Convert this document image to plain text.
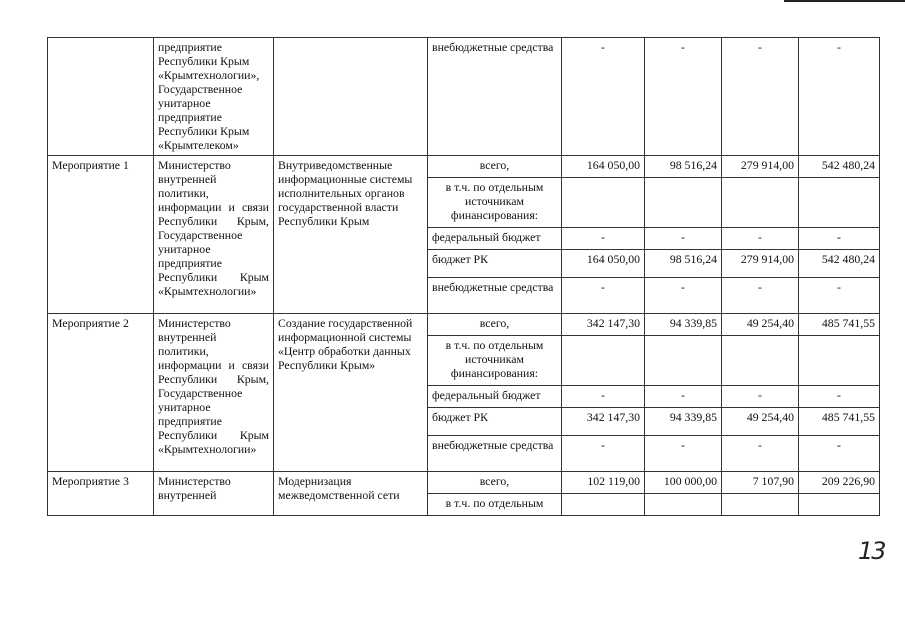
	предприятие Республики Крым «Крымтехнологии», Государственное унитарное предприятие Республики Крым «Крымтелеком»		внебюджетные средства	-	-	-	-
Мероприятие 1	Министерство внутренней политики, информации и связи Республики Крым, Государственное унитарное предприятие Республики Крым «Крымтехнологии»	Внутриведомственные информационные системы исполнительных органов государственной власти Республики Крым	всего,	164 050,00	98 516,24	279 914,00	542 480,24
			в т.ч. по отдельным источникам финансирования:				
			федеральный бюджет	-	-	-	-
			бюджет РК	164 050,00	98 516,24	279 914,00	542 480,24
			внебюджетные средства	-	-	-	-
Мероприятие 2	Министерство внутренней политики, информации и связи Республики Крым, Государственное унитарное предприятие Республики Крым «Крымтехнологии»	Создание государственной информационной системы «Центр обработки данных Республики Крым»	всего,	342 147,30	94 339,85	49 254,40	485 741,55
			в т.ч. по отдельным источникам финансирования:				
			федеральный бюджет	-	-	-	-
			бюджет РК	342 147,30	94 339,85	49 254,40	485 741,55
			внебюджетные средства	-	-	-	-
Мероприятие 3	Министерство внутренней	Модернизация межведомственной сети	всего,	102 119,00	100 000,00	7 107,90	209 226,90
			в т.ч. по отдельным				
13
